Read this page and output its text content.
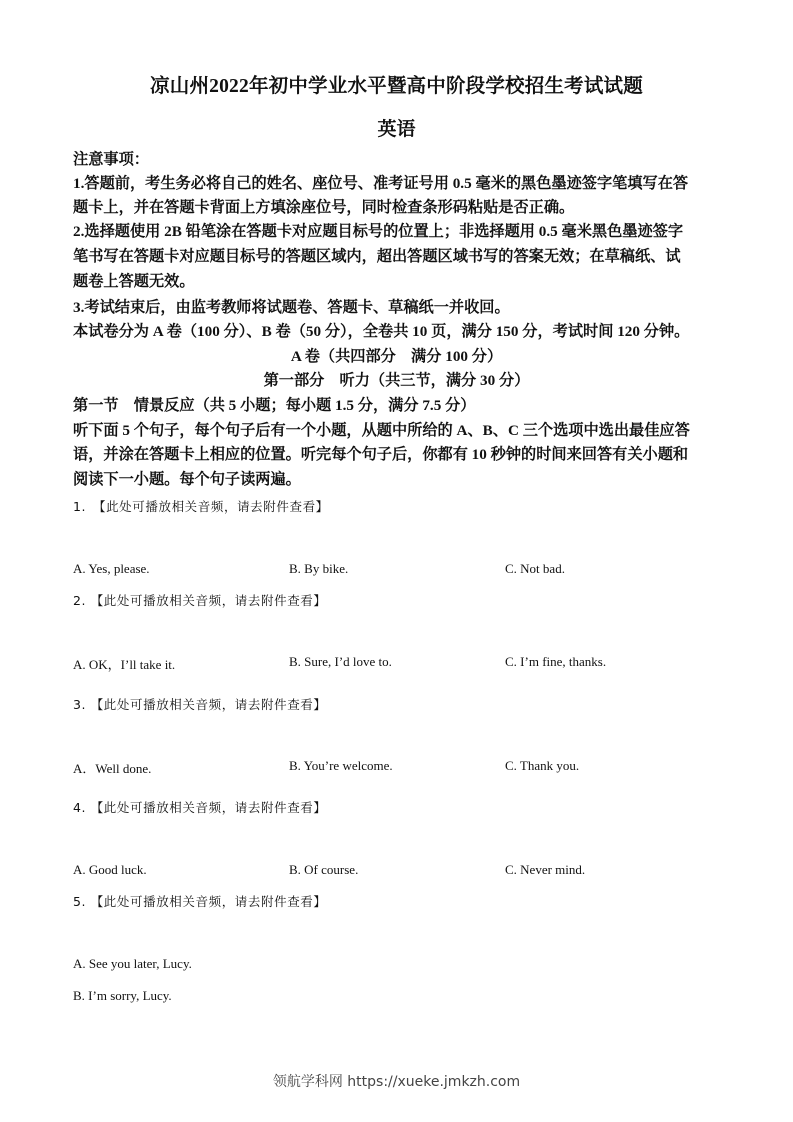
凉山州2022年初中学业水平暨高中阶段学校招生考试试题
英语
注意事项：
1.答题前，考生务必将自己的姓名、座位号、准考证号用 0.5 毫米的黑色墨迹签字笔填写在答
题卡上，并在答题卡背面上方填涂座位号，同时检查条形码粘贴是否正确。
2.选择题使用 2B 铅笔涂在答题卡对应题目标号的位置上；非选择题用 0.5 毫米黑色墨迹签字
笔书写在答题卡对应题目标号的答题区域内，超出答题区域书写的答案无效；在草稿纸、试
题卷上答题无效。
3.考试结束后，由监考教师将试题卷、答题卡、草稿纸一并收回。
本试卷分为 A 卷（100 分）、B 卷（50 分），全卷共 10 页，满分 150 分，考试时间 120 分钟。
A 卷（共四部分　满分 100 分）
第一部分　听力（共三节，满分 30 分）
第一节　情景反应（共 5 小题；每小题 1.5 分，满分 7.5 分）
听下面 5 个句子，每个句子后有一个小题，从题中所给的 A、B、C 三个选项中选出最佳应答
语，并涂在答题卡上相应的位置。听完每个句子后，你都有 10 秒钟的时间来回答有关小题和
阅读下一小题。每个句子读两遍。
1.　【此处可播放相关音频，请去附件查看】
A. Yes, please.	B. By bike.	C. Not bad.
2. 【此处可播放相关音频，请去附件查看】
A. OK，I’ll take it.	B. Sure, I’d love to.	C. I’m fine, thanks.
3. 【此处可播放相关音频，请去附件查看】
A．Well done.	B. You’re welcome.	C. Thank you.
4. 【此处可播放相关音频，请去附件查看】
A. Good luck.	B. Of course.	C. Never mind.
5. 【此处可播放相关音频，请去附件查看】
A. See you later, Lucy.
B. I’m sorry, Lucy.
领航学科网 https://xueke.jmkzh.com
